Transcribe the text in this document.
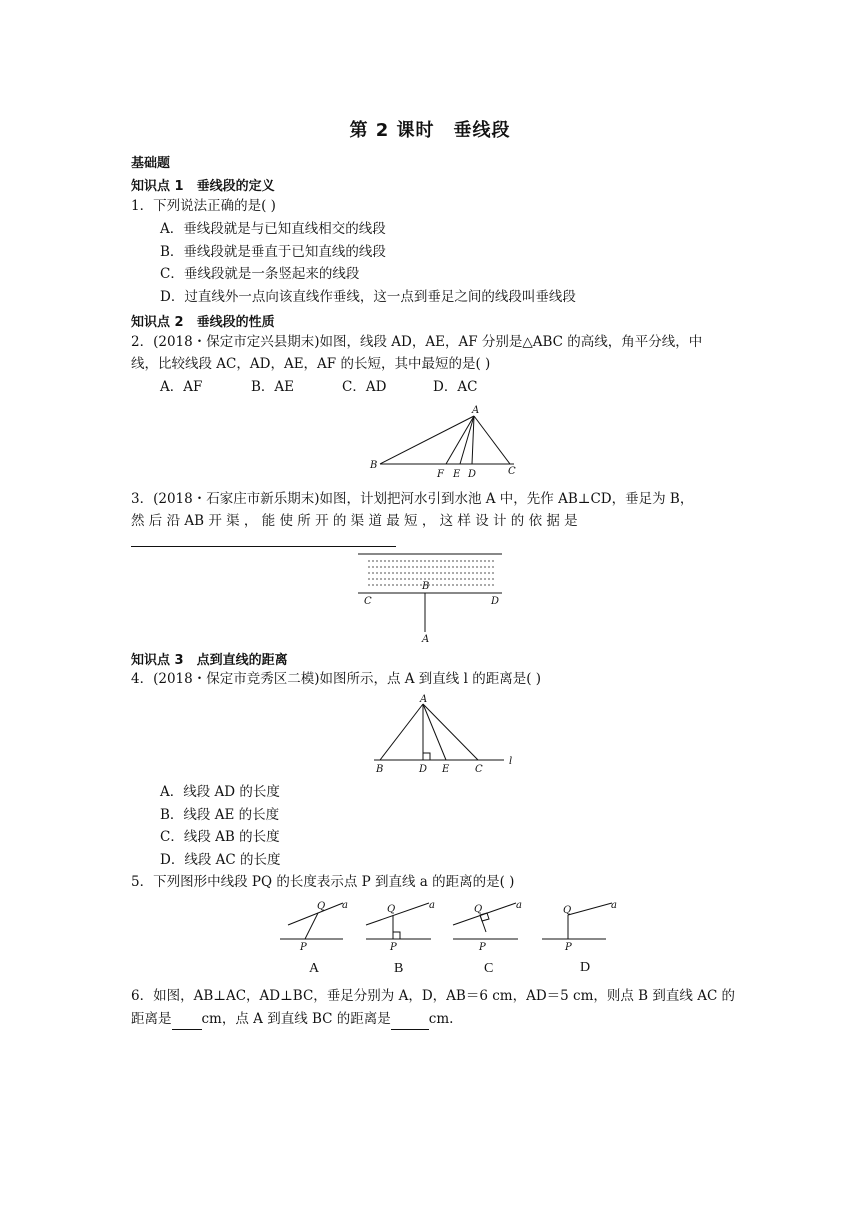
第 2 课时　垂线段
基础题
知识点 1　垂线段的定义
1．下列说法正确的是( )
A．垂线段就是与已知直线相交的线段
B．垂线段就是垂直于已知直线的线段
C．垂线段就是一条竖起来的线段
D．过直线外一点向该直线作垂线，这一点到垂足之间的线段叫垂线段
知识点 2　垂线段的性质
2．(2018・保定市定兴县期末)如图，线段 AD，AE，AF 分别是△ABC 的高线，角平分线，中
线，比较线段 AC，AD，AE，AF 的长短，其中最短的是( )
A．AF	B．AE	C．AD	D．AC
A
B
F E D	C
3．(2018・石家庄市新乐期末)如图，计划把河水引到水池 A 中，先作 AB⊥CD，垂足为 B，
然 后 沿 AB 开 渠 ， 能 使 所 开 的 渠 道 最 短 ， 这 样 设 计 的 依 据 是
B
C	D
A
知识点 3　点到直线的距离
4．(2018・保定市竞秀区二模)如图所示，点 A 到直线 l 的距离是( )
A
B	D E	C
l
A．线段 AD 的长度
B．线段 AE 的长度
C．线段 AB 的长度
D．线段 AC 的长度
5．下列图形中线段 PQ 的长度表示点 P 到直线 a 的距离的是( )
Q a
P
Q	a
P
Q	a
P
Q	a
P
A	B	C	D
6．如图，AB⊥AC，AD⊥BC，垂足分别为 A，D，AB＝6 cm，AD＝5 cm，则点 B 到直线 AC 的
距离是 cm，点 A 到直线 BC 的距离是	cm.
